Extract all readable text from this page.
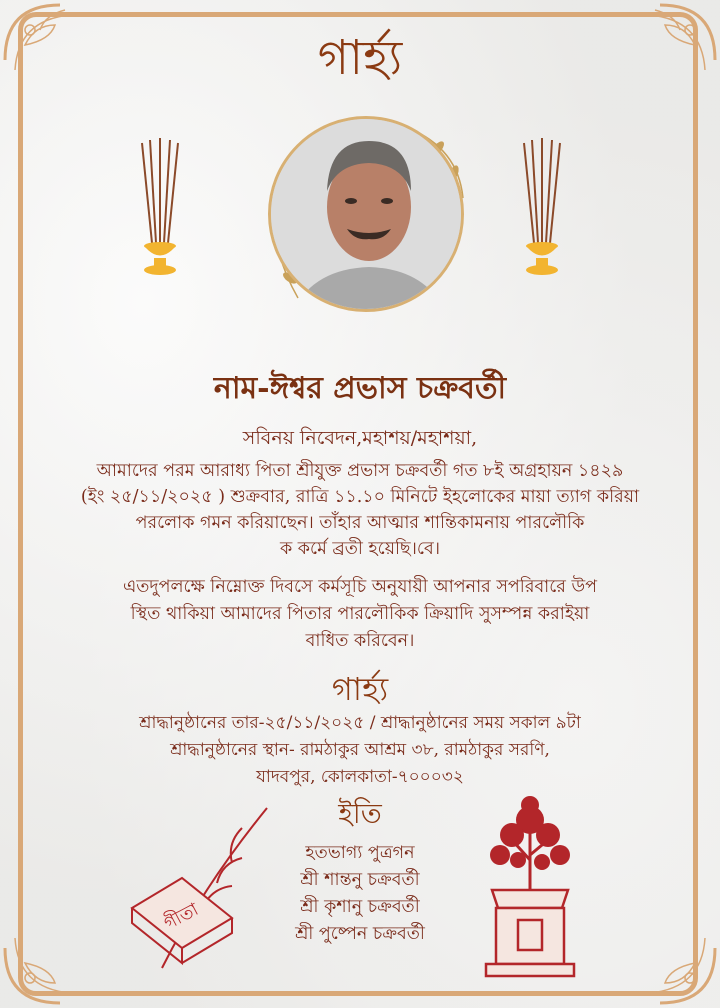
গাৰ্হ্য
নাম-ঈশ্বর প্রভাস চক্রবর্তী
সবিনয় নিবেদন,মহাশয়/মহাশয়া,
আমাদের পরম আরাধ্য পিতা শ্রীযুক্ত প্রভাস চক্রবর্তী গত ৮ই অগ্রহায়ন ১৪২৯
(ইং ২৫/১১/২০২৫ ) শুক্রবার, রাত্রি ১১.১০ মিনিটে ইহলোকের মায়া ত্যাগ করিয়া
পরলোক গমন করিয়াছেন। তাঁহার আত্মার শান্তিকামনায় পারলৌকি
ক কর্মে ব্রতী হয়েছি।বে।
এতদুপলক্ষে নিম্নোক্ত দিবসে কর্মসূচি অনুযায়ী আপনার সপরিবারে উপ
স্থিত থাকিয়া আমাদের পিতার পারলৌকিক ক্রিয়াদি সুসম্পন্ন করাইয়া
বাধিত করিবেন।
গাৰ্হ্য
শ্রাদ্ধানুষ্ঠানের তার-২৫/১১/২০২৫ / শ্রাদ্ধানুষ্ঠানের সময় সকাল ৯টা
শ্রাদ্ধানুষ্ঠানের স্থান- রামঠাকুর আশ্রম ৩৮, রামঠাকুর সরণি,
যাদবপুর, কোলকাতা-৭০০০৩২
ইতি
হতভাগ্য পুত্রগন
শ্রী শান্তনু চক্রবর্তী
শ্রী কৃশানু চক্রবর্তী
শ্রী পুষ্পেন চক্রবর্তী
গীতা
